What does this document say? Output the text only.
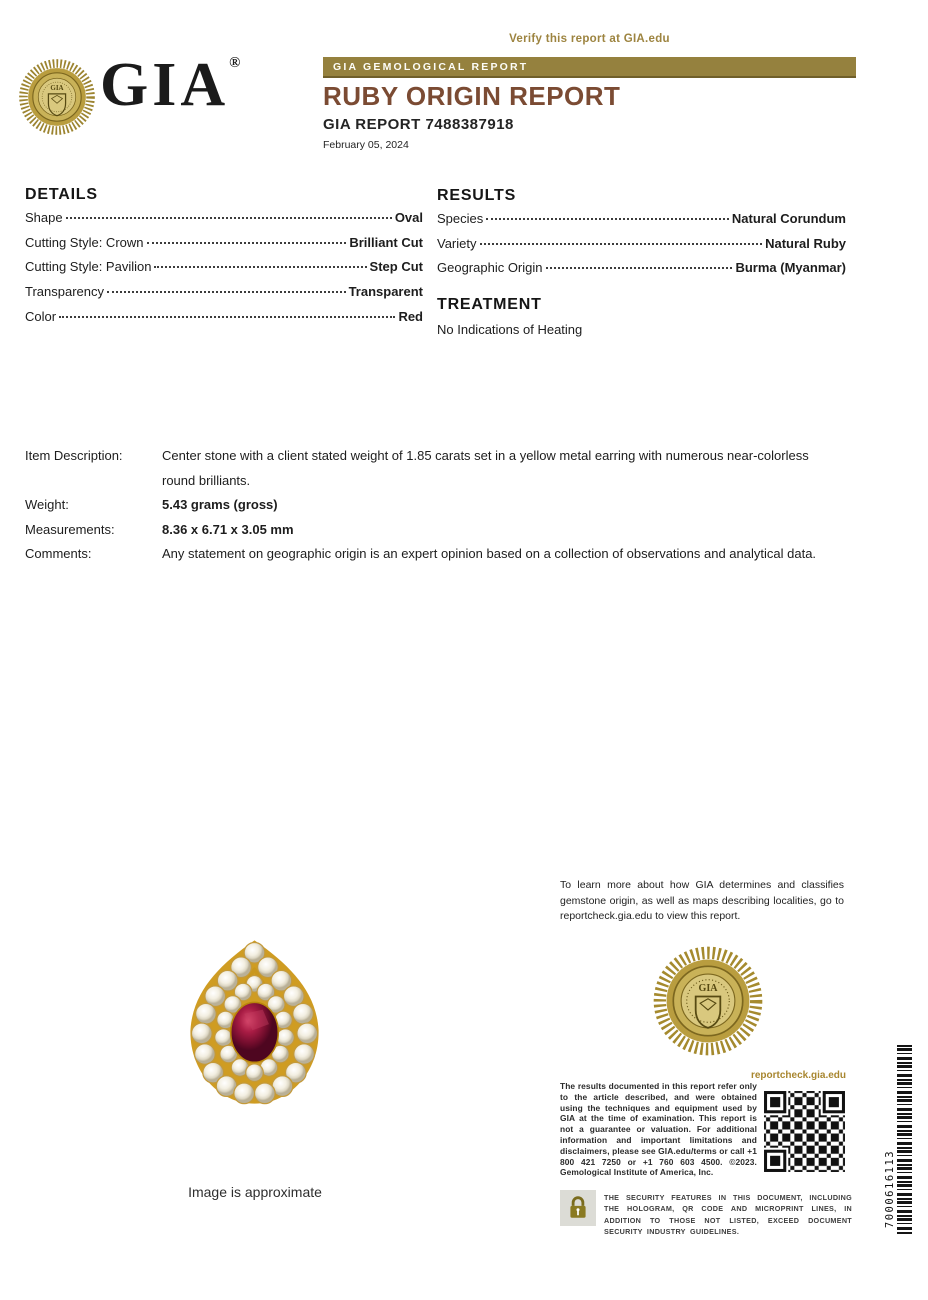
Verify this report at GIA.edu
GIA GIA®	GIA GEMOLOGICAL REPORT
RUBY ORIGIN REPORT
GIA REPORT 7488387918
February 05, 2024
DETAILS
Shape	Oval
Cutting Style: Crown	Brilliant Cut
Cutting Style: Pavilion	Step Cut
Transparency	Transparent
Color	Red
RESULTS
Species	Natural Corundum
Variety	Natural Ruby
Geographic Origin	Burma (Myanmar)
TREATMENT
No Indications of Heating
Item Description:	Center stone with a client stated weight of 1.85 carats set in a yellow metal earring with numerous near-colorless round brilliants.
Weight:	5.43 grams (gross)
Measurements:	8.36 x 6.71 x 3.05 mm
Comments:	Any statement on geographic origin is an expert opinion based on a collection of observations and analytical data.
To learn more about how GIA determines and classifies gemstone origin, as well as maps describing localities, go to reportcheck.gia.edu to view this report.
Image is approximate
GIA
reportcheck.gia.edu
The results documented in this report refer only to the article described, and were obtained using the techniques and equipment used by GIA at the time of examination. This report is not a guarantee or valuation. For additional information and important limitations and disclaimers, please see GIA.edu/terms or call +1 800 421 7250 or +1 760 603 4500. ©2023. Gemological Institute of America, Inc.
THE SECURITY FEATURES IN THIS DOCUMENT, INCLUDING THE HOLOGRAM, QR CODE AND MICROPRINT LINES, IN ADDITION TO THOSE NOT LISTED, EXCEED DOCUMENT SECURITY INDUSTRY GUIDELINES.
7000616113
